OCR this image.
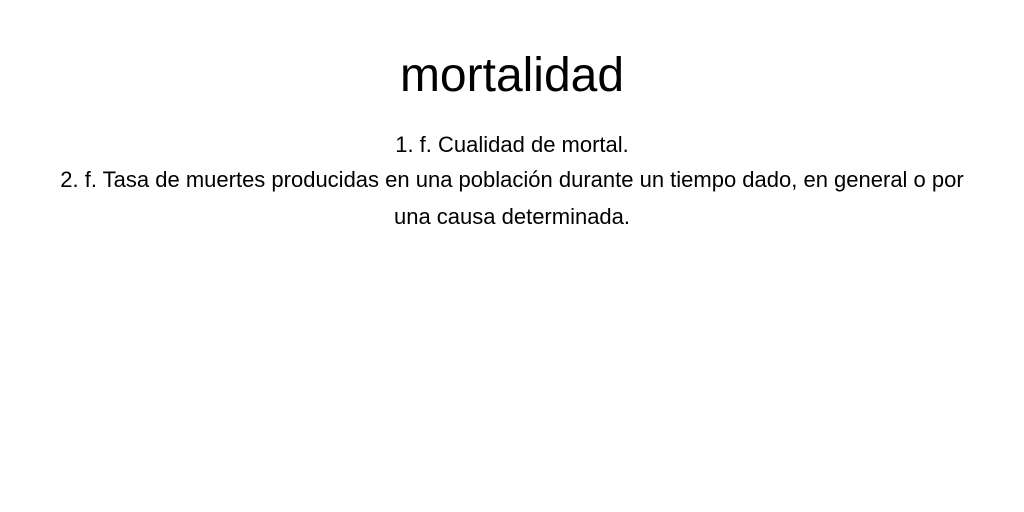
mortalidad
1. f. Cualidad de mortal.
2. f. Tasa de muertes producidas en una población durante un tiempo dado, en general o por una causa determinada.
